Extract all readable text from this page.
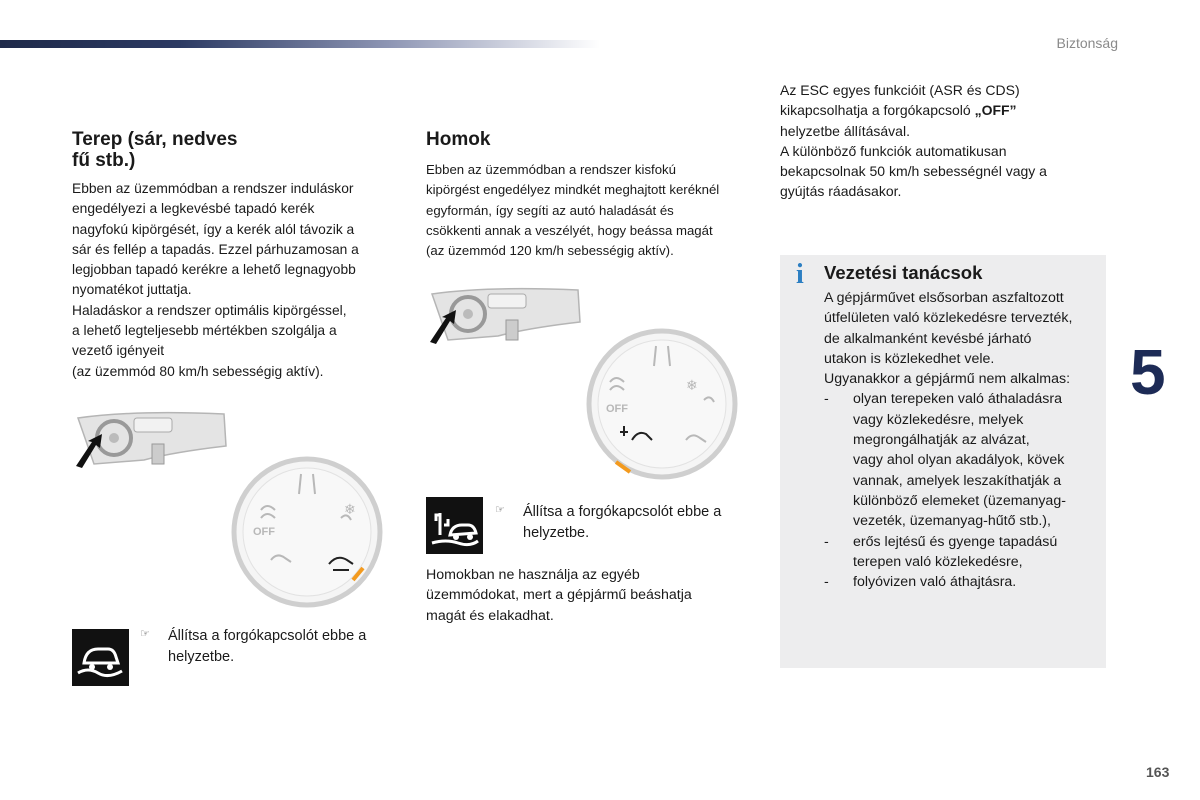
Biztonság
5
163
Terep (sár, nedves
fű stb.)

Ebben az üzemmódban a rendszer induláskor

engedélyezi a legkevésbé tapadó kerék

nagyfokú kipörgését, így a kerék alól távozik a

sár és fellép a tapadás. Ezzel párhuzamosan a

legjobban tapadó kerékre a lehető legnagyobb

nyomatékot juttatja.

Haladáskor a rendszer optimális kipörgéssel,

a lehető legteljesebb mértékben szolgálja a

vezető igényeit

(az üzemmód 80 km/h sebességig aktív).

OFF
❄
☞ Állítsa a forgókapcsolót ebbe a helyzetbe.
Homok

Ebben az üzemmódban a rendszer kisfokú

kipörgést engedélyez mindkét meghajtott keréknél

egyformán, így segíti az autó haladását és

csökkenti annak a veszélyét, hogy beássa magát

(az üzemmód 120 km/h sebességig aktív).

OFF
❄
☞ Állítsa a forgókapcsolót ebbe a helyzetbe.

Homokban ne használja az egyéb

üzemmódokat, mert a gépjármű beáshatja

magát és elakadhat.

Az ESC egyes funkcióit (ASR és CDS)

kikapcsolhatja a forgókapcsoló „OFF”

helyzetbe állításával.

A különböző funkciók automatikusan

bekapcsolnak 50 km/h sebességnél vagy a

gyújtás ráadásakor.

i Vezetési tanácsok

A gépjárművet elsősorban aszfaltozott

útfelületen való közlekedésre tervezték,

de alkalmanként kevésbé járható

utakon is közlekedhet vele.

Ugyanakkor a gépjármű nem alkalmas:

- olyan terepeken való áthaladásra

vagy közlekedésre, melyek

megrongálhatják az alvázat,

vagy ahol olyan akadályok, kövek

vannak, amelyek leszakíthatják a

különböző elemeket (üzemanyag-

vezeték, üzemanyag-hűtő stb.),

- erős lejtésű és gyenge tapadású

terepen való közlekedésre,

- folyóvizen való áthajtásra.
